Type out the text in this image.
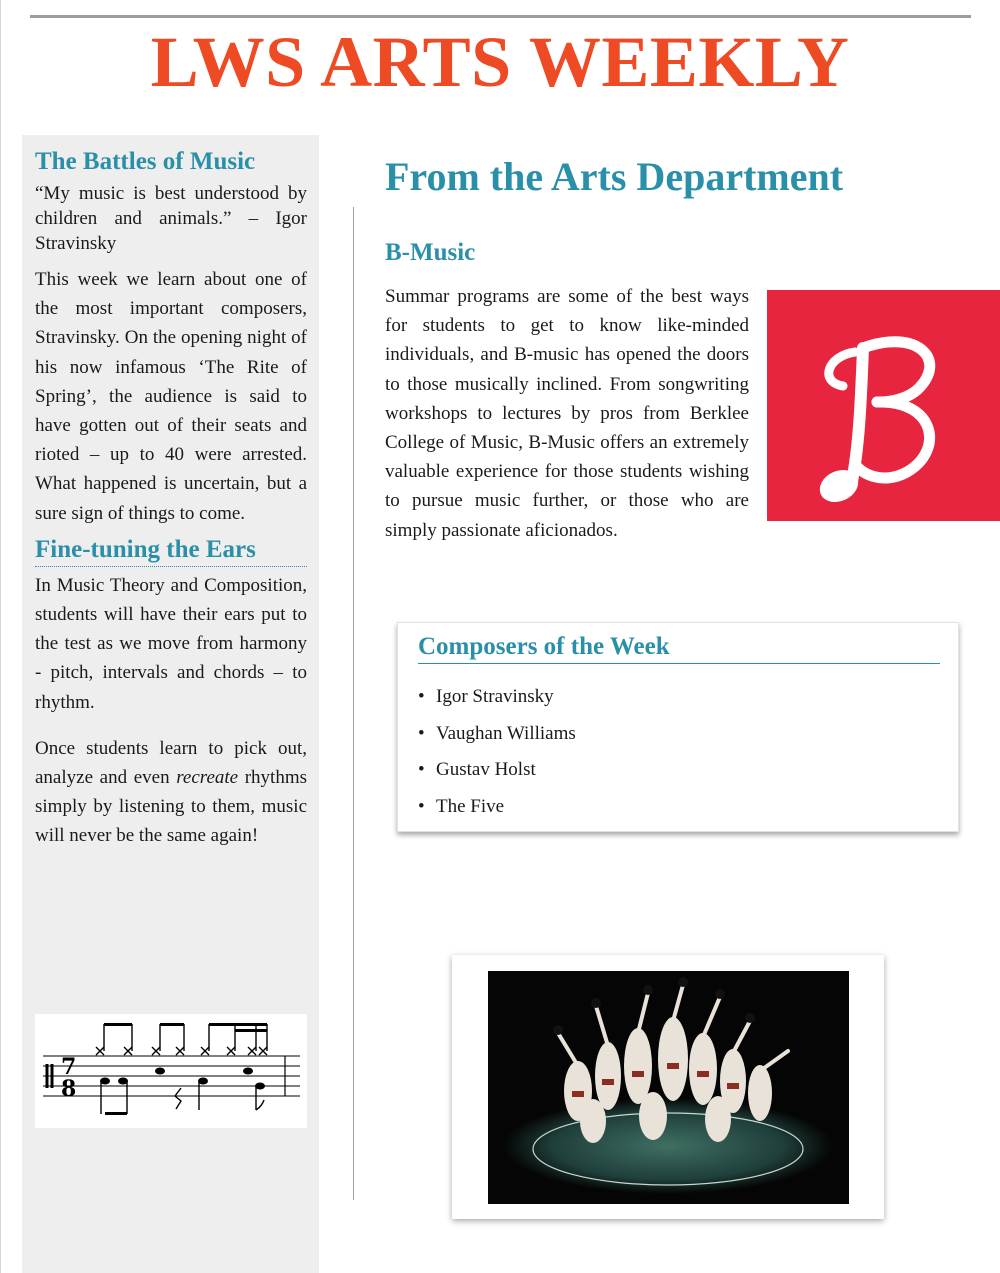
LWS ARTS WEEKLY
The Battles of Music

“My music is best understood by children and animals.” – Igor Stravinsky

This week we learn about one of the most important composers, Stravinsky. On the opening night of his now infamous ‘The Rite of Spring’, the audience is said to have gotten out of their seats and rioted – up to 40 were arrested. What happened is uncertain, but a sure sign of things to come.

Fine-tuning the Ears

In Music Theory and Composition, students will have their ears put to the test as we move from harmony - pitch, intervals and chords – to rhythm.

Once students learn to pick out, analyze and even recreate rhythms simply by listening to them, music will never be the same again!

7
8
From the Arts Department
B-Music

Summar programs are some of the best ways for students to get to know like-minded individuals, and B-music has opened the doors to those musically inclined. From songwriting workshops to lectures by pros from Berklee College of Music, B-Music offers an extremely valuable experience for those students wishing to pursue music further, or those who are simply passionate aficionados.

Composers of the Week
• Igor Stravinsky
• Vaughan Williams
• Gustav Holst
• The Five
